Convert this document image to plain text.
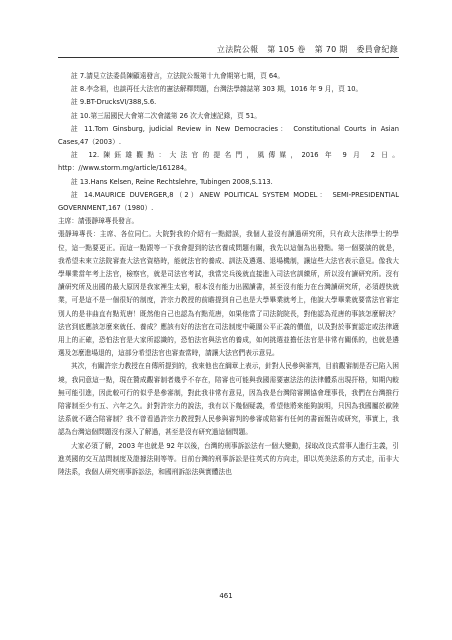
立法院公報 第 105 卷 第 70 期 委員會紀錄

註 7.請見立法委員陳顧遠發言，立法院公報第十九會期第七期，頁 64。

註 8.李念祖，也談再任大法官的憲法解釋問題，台灣法學雜誌第 303 期，1016 年 9 月，頁 10。

註 9.BT-DrucksVI/388,S.6.

註 10.第三屆國民大會第二次會議第 26 次大會速記錄，頁 51。

註 11.Tom Ginsburg, judicial Review in New Democracies： Constitutional Courts in Asian Cases,47（2003）.

註 12.陳鈺雄觀點：大法官的提名門，風傳媒，2016 年 9 月 2 日。http：//www.storm.mg/article/161284。

註 13.Hans Kelsen, Reine Rechtslehre, Tubingen 2008,S.113.

註 14.MAURICE DUVERGER,8（2）ANEW POLITICAL SYSTEM MODEL： SEMI-PRESIDENTIAL GOVERNMENT,167（1980）.

主席：請張靜璋專長發言。

張靜璋專長：主席、各位同仁。大院對我的介紹有一點錯誤，我個人並沒有讀過研究所，只有政大法律學士的學位，這一點要更正。而這一點跟等一下我會提到的法官養成問題有關，我先以這個為出發點。第一個要談的就是，我希望未來立法院審查大法官資格時，能就法官的養成、訓法及遴選、退場機制，讓這些大法官表示意見。像我大學畢業當年考上法官，檢察官，就是司法官考試，我當完兵後就直接進入司法官訓練所，所以沒有讀研究所。沒有讀研究所及出國的最大原因是我家裡生太窮，根本沒有能力出國讀書，甚至沒有能力在台灣讀研究所，必須趕快就業，可是這不是一個很好的制度，許宗力教授的前瞻提到自己也是大學畢業就考上，他說大學畢業就要當法官審定別人的是非曲直有點荒唐！既然他自己也認為有點荒唐，如果他當了司法院院長，對他認為荒唐的事該怎麼解決？法官到底應該怎麼來就任、養成？應該有好的法官在司法制度中範圍公平正義的價值，以及對於事實認定或法律適用上的正確，恐怕法官是大家所認識的，恐怕法官與法官的養成，如何挑選並擔任法官是非常有關係的，也就是遴選及怎麼進場退的，這部分希望法官也審查當時，請讓大法官們表示意見。

其次，有關許宗力教授在自傳所提到的，我來他也在綱章上表示，針對人民參與審判，目前觀審制是否已陷入困境，我同意這一點，現在贊成觀審制者幾乎不存在，陪審也可能與我國需要憲法法的法律體系出現扞格，知期內較無可能引進，因此較可行的似乎是參審制，對此我非常有意見，因為我是台灣陪審團協會理事長，我們在台灣推行陪審制至少有五、六年之久。針對許宗力的說法，我有以下幾個疑義，希望他將來能夠說明，只因為我國屬於歐陸法系就不適合陪審制？我不曾看過許宗力教授對人民參與審判的參審或陪審有任何的書面報告或研究，事實上，我認為台灣這個問題沒有深入了解過，甚至是沒有研究過這個問題。

大家必須了解，2003 年也就是 92 年以後，台灣的刑事訴訟法有一個大變動，採取改良式當事人進行主義，引進英國的交互詰問制度及證據法則等等。目前台灣的刑事訴訟是往英式的方向走，即以英美法系的方式走，而非大陸法系，我個人研究刑事訴訟法，和國刑訴訟法與實體法也

461
